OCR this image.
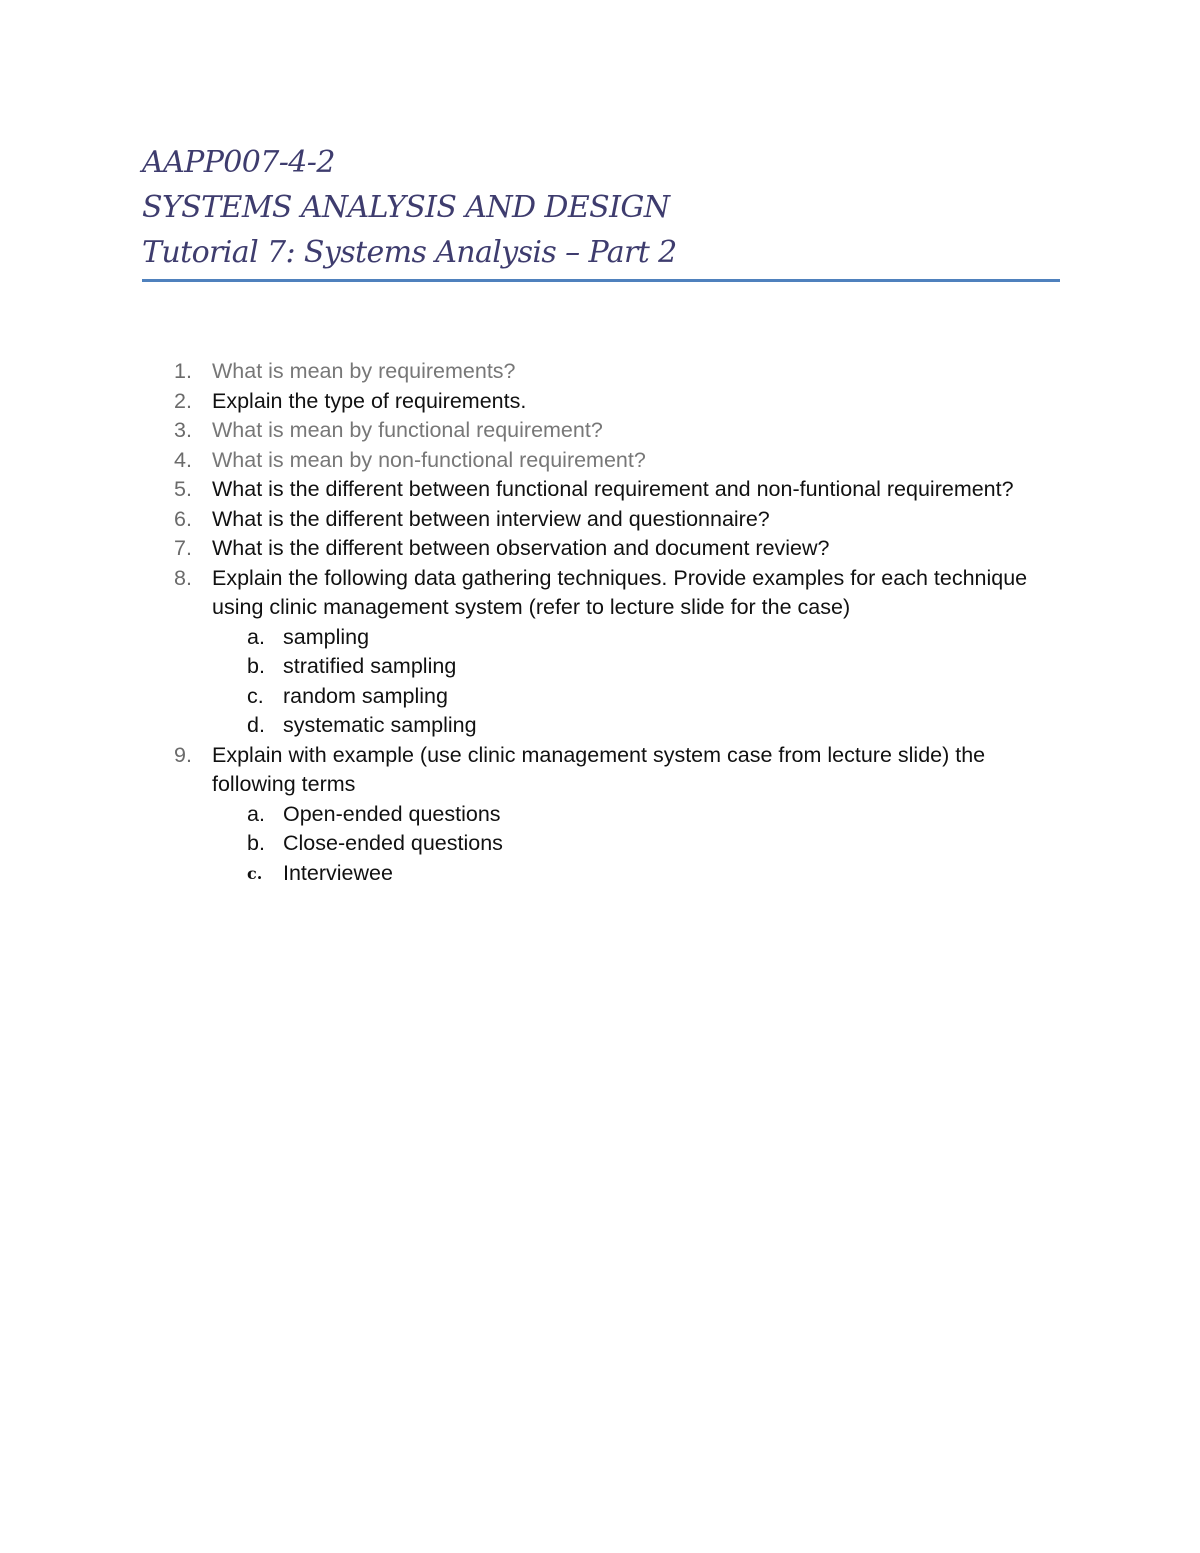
AAPP007-4-2
SYSTEMS ANALYSIS AND DESIGN
Tutorial 7: Systems Analysis – Part 2
1. What is mean by requirements?
2. Explain the type of requirements.
3. What is mean by functional requirement?
4. What is mean by non-functional requirement?
5. What is the different between functional requirement and non-funtional requirement?
6. What is the different between interview and questionnaire?
7. What is the different between observation and document review?
8. Explain the following data gathering techniques. Provide examples for each technique using clinic management system (refer to lecture slide for the case)
a. sampling
b. stratified sampling
c. random sampling
d. systematic sampling
9. Explain with example (use clinic management system case from lecture slide) the following terms
a. Open-ended questions
b. Close-ended questions
c. Interviewee
